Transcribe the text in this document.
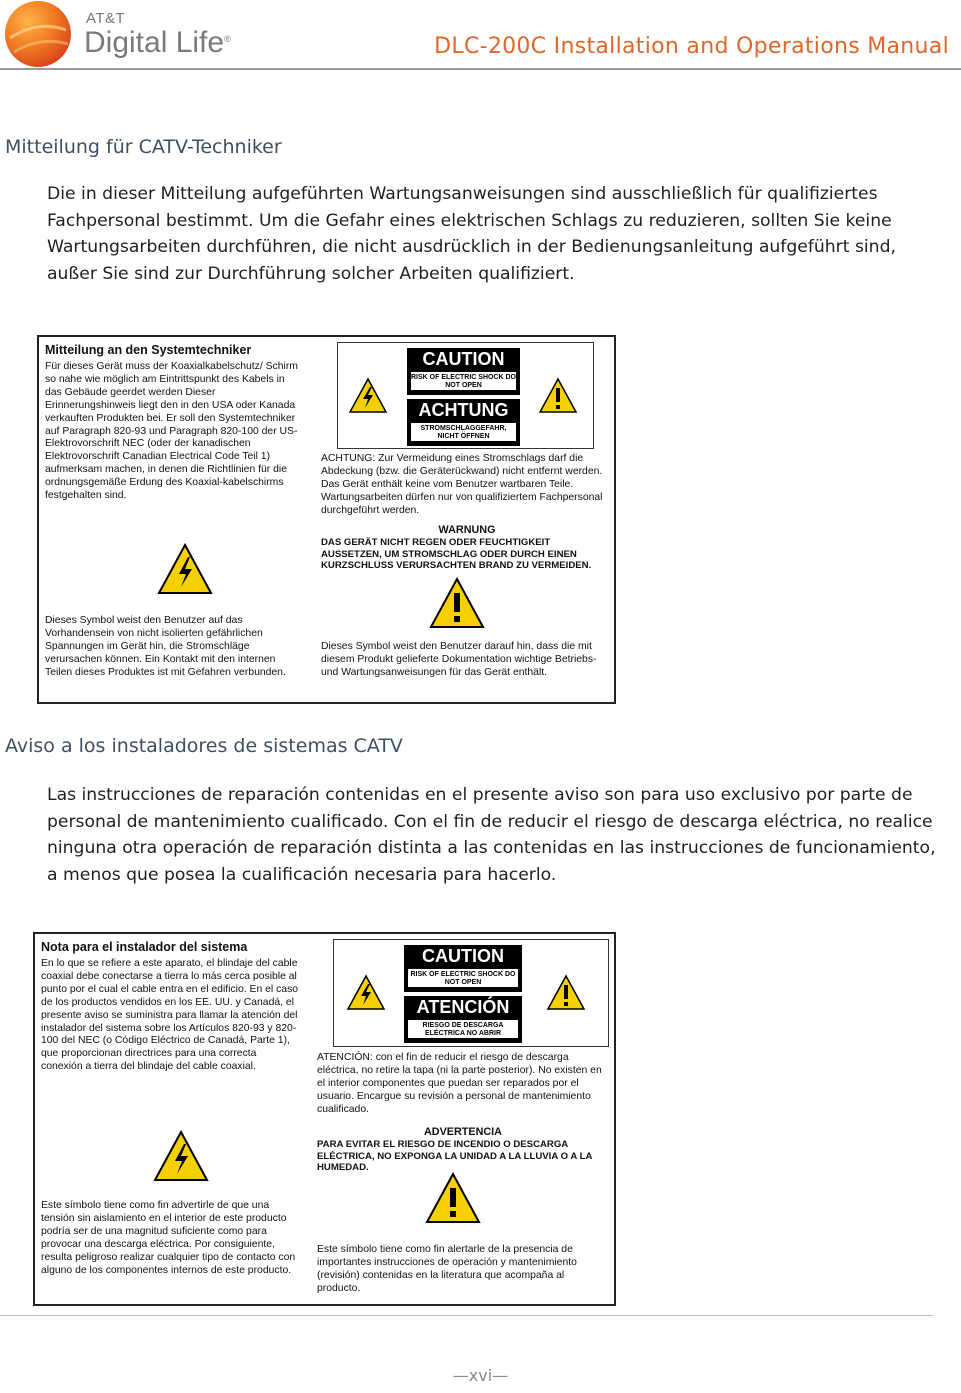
AT&T
Digital Life®	DLC-200C Installation and Operations Manual
Mitteilung für CATV-Techniker
Die in dieser Mitteilung aufgeführten Wartungsanweisungen sind ausschließlich für qualifiziertes Fachpersonal bestimmt. Um die Gefahr eines elektrischen Schlags zu reduzieren, sollten Sie keine Wartungsarbeiten durchführen, die nicht ausdrücklich in der Bedienungsanleitung aufgeführt sind, außer Sie sind zur Durchführung solcher Arbeiten qualifiziert.
Mitteilung an den Systemtechniker
Für dieses Gerät muss der Koaxialkabelschutz/ Schirm so nahe wie möglich am Eintrittspunkt des Kabels in das Gebäude geerdet werden Dieser Erinnerungshinweis liegt den in den USA oder Kanada verkauften Produkten bei. Er soll den Systemtechniker auf Paragraph 820-93 und Paragraph 820-100 der US-Elektrovorschrift NEC (oder der kanadischen Elektrovorschrift Canadian Electrical Code Teil 1) aufmerksam machen, in denen die Richtlinien für die ordnungsgemäße Erdung des Koaxial-kabelschirms festgehalten sind.
Dieses Symbol weist den Benutzer auf das Vorhandensein von nicht isolierten gefährlichen Spannungen im Gerät hin, die Stromschläge verursachen können. Ein Kontakt mit den internen Teilen dieses Produktes ist mit Gefahren verbunden.
CAUTION
RISK OF ELECTRIC SHOCK DO NOT OPEN
ACHTUNG
STROMSCHLAGGEFAHR, NICHT ÖFFNEN
ACHTUNG: Zur Vermeidung eines Stromschlags darf die Abdeckung (bzw. die Geräterückwand) nicht entfernt werden. Das Gerät enthält keine vom Benutzer wartbaren Teile. Wartungsarbeiten dürfen nur von qualifiziertem Fachpersonal durchgeführt werden.
WARNUNG
DAS GERÄT NICHT REGEN ODER FEUCHTIGKEIT AUSSETZEN, UM STROMSCHLAG ODER DURCH EINEN KURZSCHLUSS VERURSACHTEN BRAND ZU VERMEIDEN.
Dieses Symbol weist den Benutzer darauf hin, dass die mit diesem Produkt gelieferte Dokumentation wichtige Betriebs- und Wartungsanweisungen für das Gerät enthält.
Aviso a los instaladores de sistemas CATV
Las instrucciones de reparación contenidas en el presente aviso son para uso exclusivo por parte de personal de mantenimiento cualificado. Con el fin de reducir el riesgo de descarga eléctrica, no realice ninguna otra operación de reparación distinta a las contenidas en las instrucciones de funcionamiento, a menos que posea la cualificación necesaria para hacerlo.
Nota para el instalador del sistema
En lo que se refiere a este aparato, el blindaje del cable coaxial debe conectarse a tierra lo más cerca posible al punto por el cual el cable entra en el edificio. En el caso de los productos vendidos en los EE. UU. y Canadá, el presente aviso se suministra para llamar la atención del instalador del sistema sobre los Artículos 820-93 y 820-100 del NEC (o Código Eléctrico de Canadá, Parte 1), que proporcionan directrices para una correcta conexión a tierra del blindaje del cable coaxial.
Este símbolo tiene como fin advertirle de que una tensión sin aislamiento en el interior de este producto podría ser de una magnitud suficiente como para provocar una descarga eléctrica. Por consiguiente, resulta peligroso realizar cualquier tipo de contacto con alguno de los componentes internos de este producto.
CAUTION
RISK OF ELECTRIC SHOCK DO NOT OPEN
ATENCIÓN
RIESGO DE DESCARGA ELÉCTRICA NO ABRIR
ATENCIÓN: con el fin de reducir el riesgo de descarga eléctrica, no retire la tapa (ni la parte posterior). No existen en el interior componentes que puedan ser reparados por el usuario. Encargue su revisión a personal de mantenimiento cualificado.
ADVERTENCIA
PARA EVITAR EL RIESGO DE INCENDIO O DESCARGA ELÉCTRICA, NO EXPONGA LA UNIDAD A LA LLUVIA O A LA HUMEDAD.
Este símbolo tiene como fin alertarle de la presencia de importantes instrucciones de operación y mantenimiento (revisión) contenidas en la literatura que acompaña al producto.
—xvi—
